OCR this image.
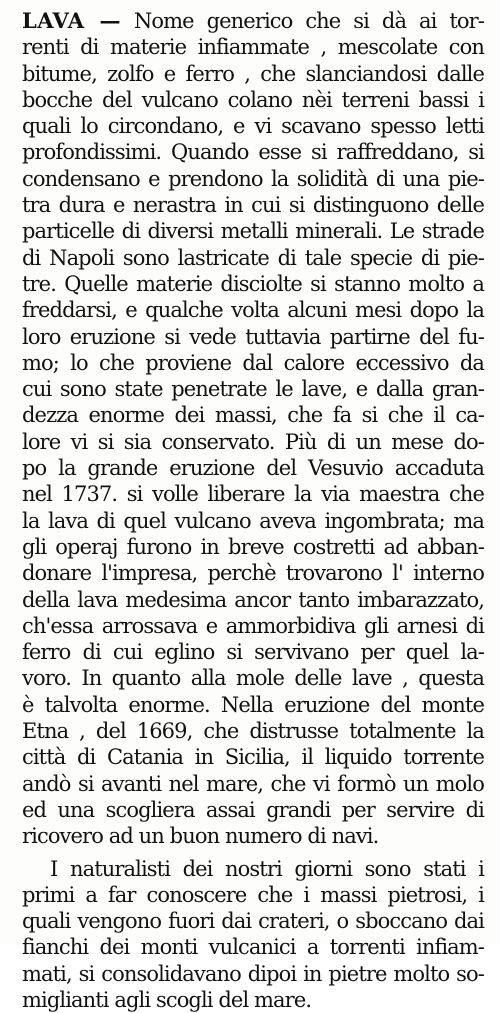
LAVA — Nome generico che si dà ai tor-
renti di materie infiammate , mescolate con
bitume, zolfo e ferro , che slanciandosi dalle
bocche del vulcano colano nèi terreni bassi i
quali lo circondano, e vi scavano spesso letti
profondissimi. Quando esse si raffreddano, si
condensano e prendono la solidità di una pie-
tra dura e nerastra in cui si distinguono delle
particelle di diversi metalli minerali. Le strade
di Napoli sono lastricate di tale specie di pie-
tre. Quelle materie disciolte si stanno molto a
freddarsi, e qualche volta alcuni mesi dopo la
loro eruzione si vede tuttavia partirne del fu-
mo; lo che proviene dal calore eccessivo da
cui sono state penetrate le lave, e dalla gran-
dezza enorme dei massi, che fa si che il ca-
lore vi si sia conservato. Più di un mese do-
po la grande eruzione del Vesuvio accaduta
nel 1737. si volle liberare la via maestra che
la lava di quel vulcano aveva ingombrata; ma
gli operaj furono in breve costretti ad abban-
donare l'impresa, perchè trovarono l' interno
della lava medesima ancor tanto imbarazzato,
ch'essa arrossava e ammorbidiva gli arnesi di
ferro di cui eglino si servivano per quel la-
voro. In quanto alla mole delle lave , questa
è talvolta enorme. Nella eruzione del monte
Etna , del 1669, che distrusse totalmente la
città di Catania in Sicilia, il liquido torrente
andò si avanti nel mare, che vi formò un molo
ed una scogliera assai grandi per servire di
ricovero ad un buon numero di navi.
I naturalisti dei nostri giorni sono stati i
primi a far conoscere che i massi pietrosi, i
quali vengono fuori dai crateri, o sboccano dai
fianchi dei monti vulcanici a torrenti infiam-
mati, si consolidavano dipoi in pietre molto so-
miglianti agli scogli del mare.
